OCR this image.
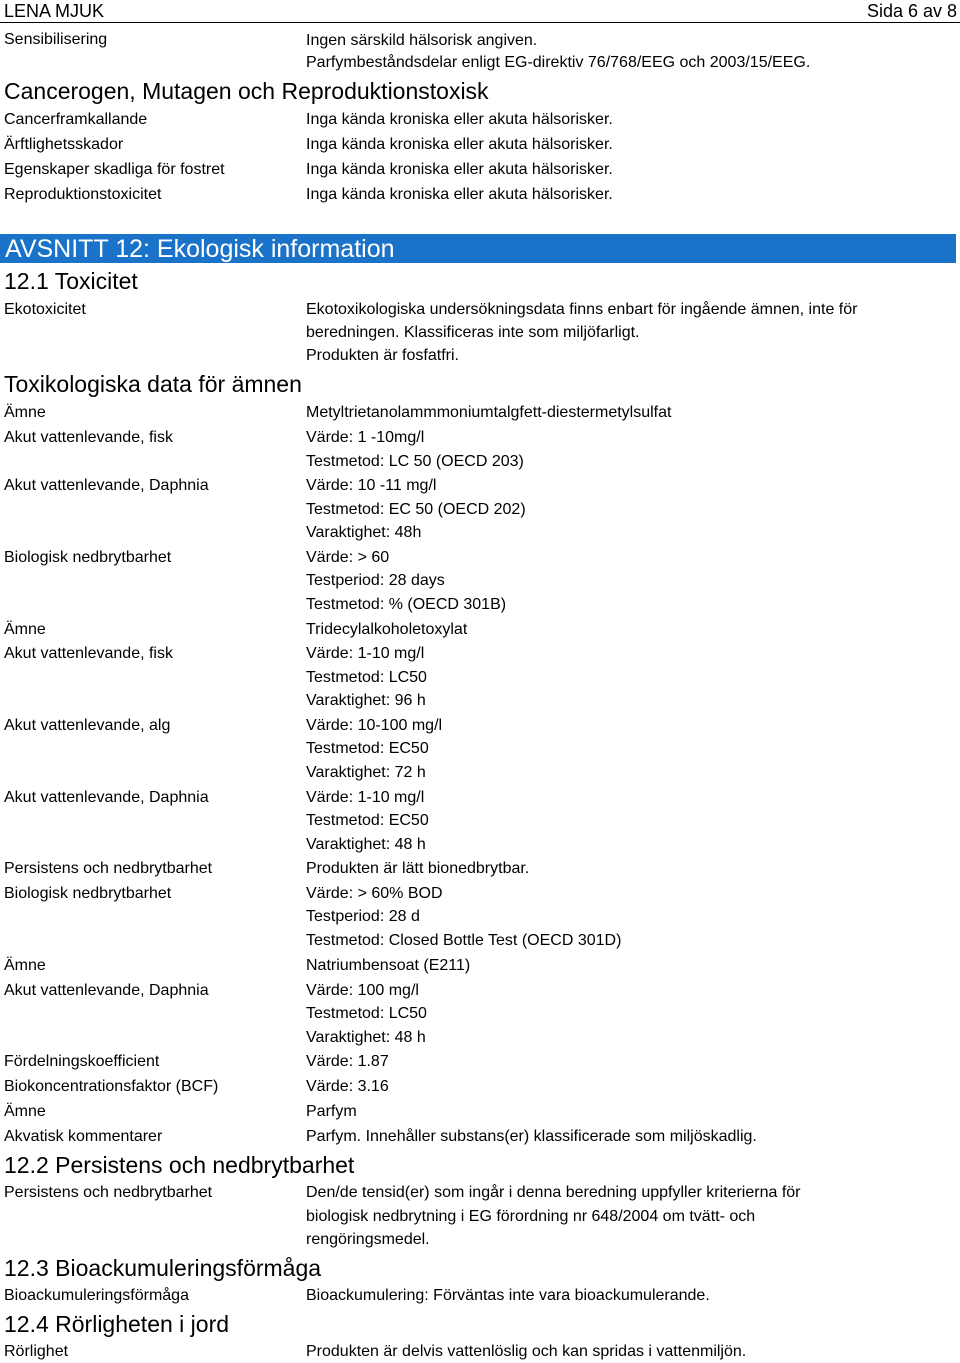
LENA MJUK	Sida 6 av 8
Sensibilisering	Ingen särskild hälsorisk angiven.
Parfymbeståndsdelar enligt EG-direktiv 76/768/EEG och 2003/15/EEG.
Cancerogen, Mutagen och Reproduktionstoxisk
Cancerframkallande	Inga kända kroniska eller akuta hälsorisker.
Ärftlighetsskador	Inga kända kroniska eller akuta hälsorisker.
Egenskaper skadliga för fostret	Inga kända kroniska eller akuta hälsorisker.
Reproduktionstoxicitet	Inga kända kroniska eller akuta hälsorisker.
AVSNITT 12: Ekologisk information
12.1 Toxicitet
Ekotoxicitet	Ekotoxikologiska undersökningsdata finns enbart för ingående ämnen, inte för
beredningen. Klassificeras inte som miljöfarligt.
Produkten är fosfatfri.
Toxikologiska data för ämnen
Ämne	Metyltrietanolammmoniumtalgfett-diestermetylsulfat
Akut vattenlevande, fisk	Värde: 1 -10mg/l
Testmetod: LC 50 (OECD 203)
Akut vattenlevande, Daphnia	Värde: 10 -11 mg/l
Testmetod: EC 50 (OECD 202)
Varaktighet: 48h
Biologisk nedbrytbarhet	Värde: > 60
Testperiod: 28 days
Testmetod: % (OECD 301B)
Ämne	Tridecylalkoholetoxylat
Akut vattenlevande, fisk	Värde: 1-10 mg/l
Testmetod: LC50
Varaktighet: 96 h
Akut vattenlevande, alg	Värde: 10-100 mg/l
Testmetod: EC50
Varaktighet: 72 h
Akut vattenlevande, Daphnia	Värde: 1-10 mg/l
Testmetod: EC50
Varaktighet: 48 h
Persistens och nedbrytbarhet	Produkten är lätt bionedbrytbar.
Biologisk nedbrytbarhet	Värde: > 60% BOD
Testperiod: 28 d
Testmetod: Closed Bottle Test (OECD 301D)
Ämne	Natriumbensoat (E211)
Akut vattenlevande, Daphnia	Värde: 100 mg/l
Testmetod: LC50
Varaktighet: 48 h
Fördelningskoefficient	Värde: 1.87
Biokoncentrationsfaktor (BCF)	Värde: 3.16
Ämne	Parfym
Akvatisk kommentarer	Parfym. Innehåller substans(er) klassificerade som miljöskadlig.
12.2 Persistens och nedbrytbarhet
Persistens och nedbrytbarhet	Den/de tensid(er) som ingår i denna beredning uppfyller kriterierna för
biologisk nedbrytning i EG förordning nr 648/2004 om tvätt- och
rengöringsmedel.
12.3 Bioackumuleringsförmåga
Bioackumuleringsförmåga	Bioackumulering: Förväntas inte vara bioackumulerande.
12.4 Rörligheten i jord
Rörlighet	Produkten är delvis vattenlöslig och kan spridas i vattenmiljön.
